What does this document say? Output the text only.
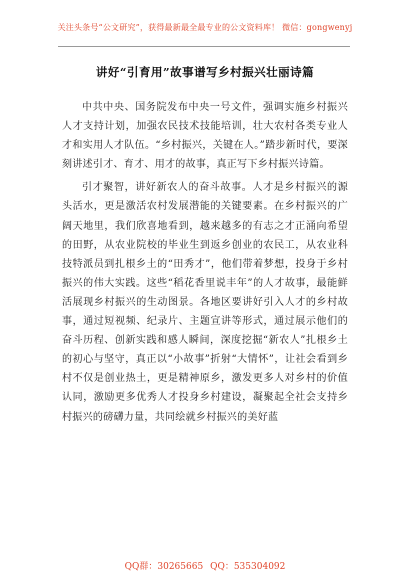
关注头条号“公文研究”，获得最新最全最专业的公文资料库！ 微信：gongwenyj
讲好“引育用”故事谱写乡村振兴壮丽诗篇

中共中央、国务院发布中央一号文件，强调实施乡村振兴人才支持计划，加强农民技术技能培训，壮大农村各类专业人才和实用人才队伍。“乡村振兴，关键在人。”踏步新时代，要深刻讲述引才、育才、用才的故事，真正写下乡村振兴诗篇。

引才聚智，讲好新农人的奋斗故事。人才是乡村振兴的源头活水，更是激活农村发展潜能的关键要素。在乡村振兴的广阔天地里，我们欣喜地看到，越来越多的有志之才正涌向希望的田野，从农业院校的毕业生到返乡创业的农民工，从农业科技特派员到扎根乡土的“田秀才”，他们带着梦想，投身于乡村振兴的伟大实践。这些“稻花香里说丰年”的人才故事，最能鲜活展现乡村振兴的生动图景。各地区要讲好引入人才的乡村故事，通过短视频、纪录片、主题宣讲等形式，通过展示他们的奋斗历程、创新实践和感人瞬间，深度挖掘“新农人”扎根乡土的初心与坚守，真正以“小故事”折射“大情怀”，让社会看到乡村不仅是创业热土，更是精神原乡，激发更多人对乡村的价值认同，激励更多优秀人才投身乡村建设，凝聚起全社会支持乡村振兴的磅礴力量，共同绘就乡村振兴的美好蓝

QQ群：30265665 QQ：535304092
